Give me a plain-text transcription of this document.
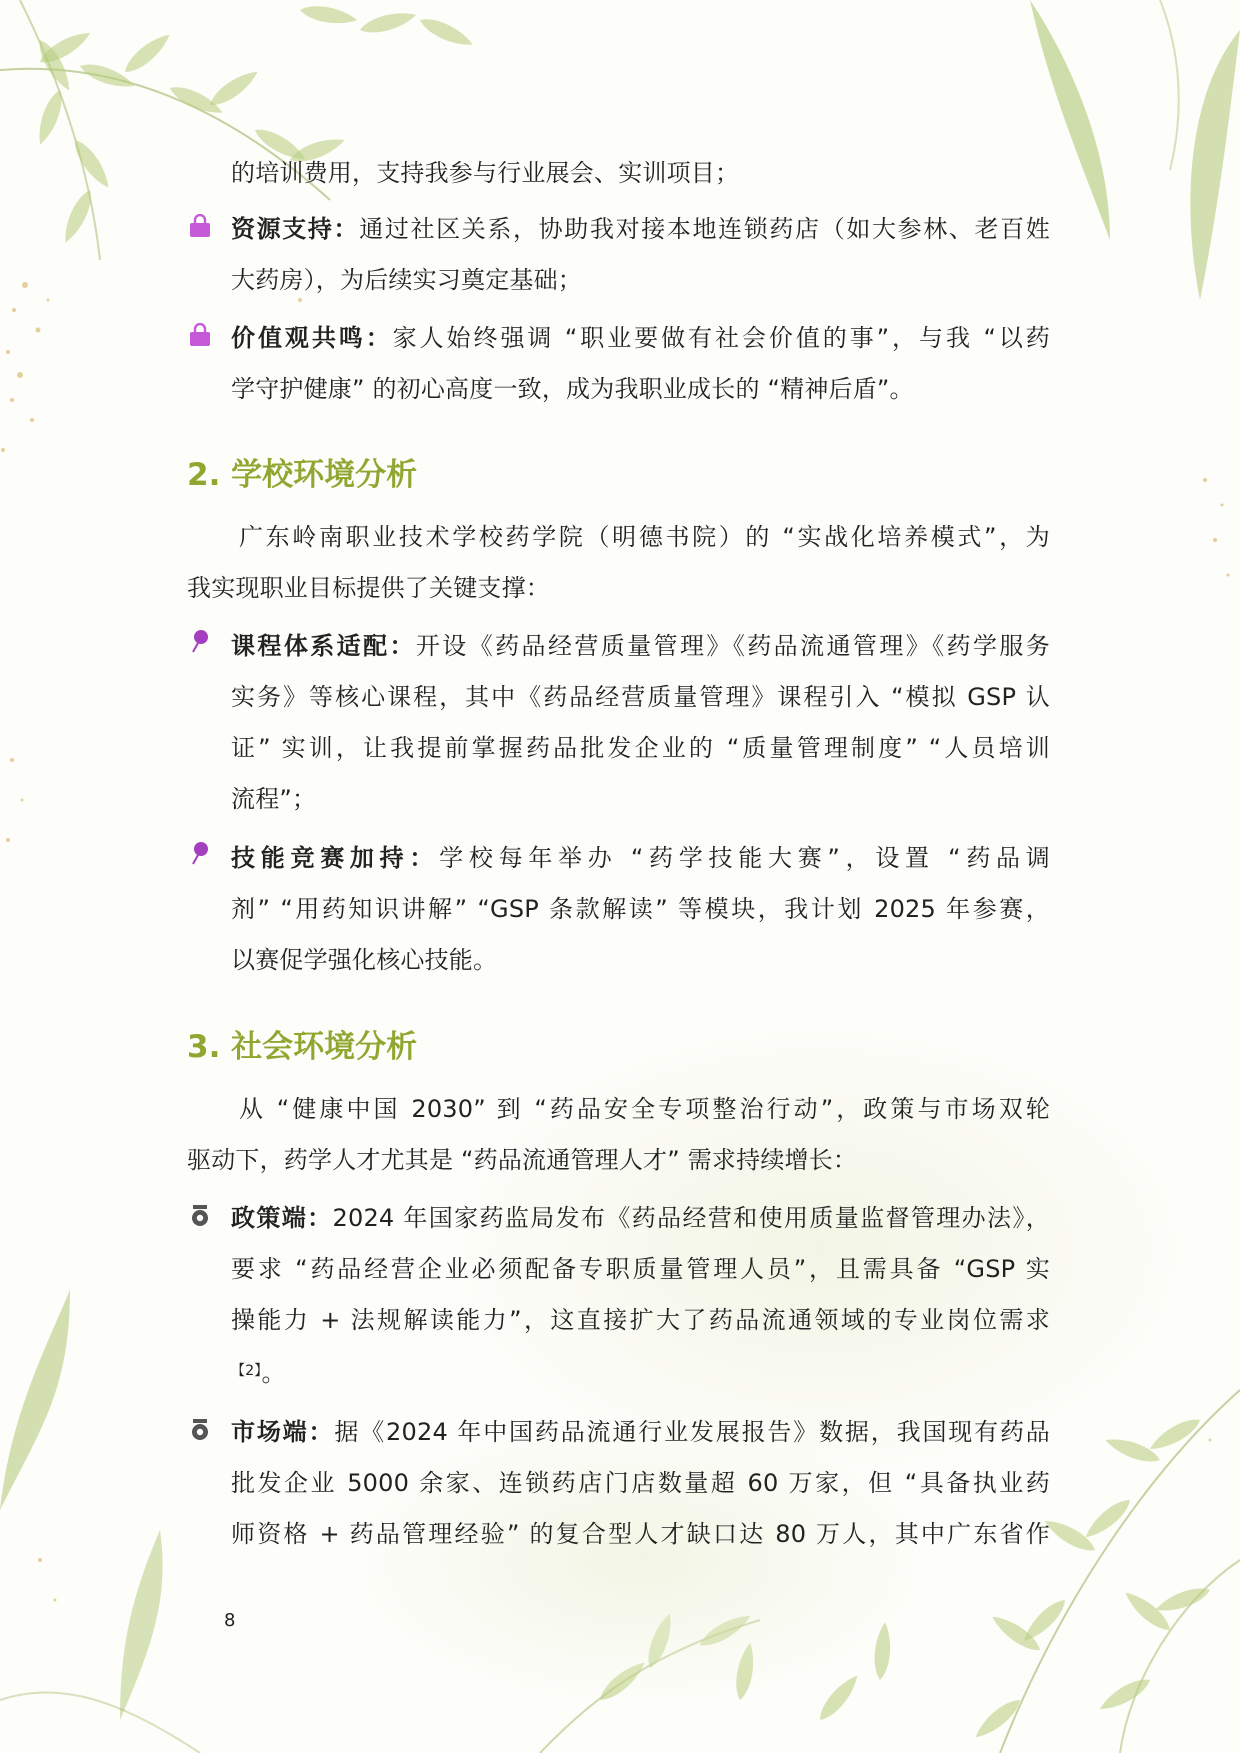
的培训费用，支持我参与行业展会、实训项目；

资源支持：通过社区关系，协助我对接本地连锁药店（如大参林、老百姓

大药房），为后续实习奠定基础；

价值观共鸣：家人始终强调 “职业要做有社会价值的事”，与我 “以药

学守护健康” 的初心高度一致，成为我职业成长的 “精神后盾”。

2. 学校环境分析

广东岭南职业技术学校药学院（明德书院）的 “实战化培养模式”，为

我实现职业目标提供了关键支撑：

课程体系适配：开设《药品经营质量管理》《药品流通管理》《药学服务

实务》等核心课程，其中《药品经营质量管理》课程引入 “模拟 GSP 认

证” 实训，让我提前掌握药品批发企业的 “质量管理制度” “人员培训

流程”；

技能竞赛加持：学校每年举办 “药学技能大赛”，设置 “药品调

剂” “用药知识讲解” “GSP 条款解读” 等模块，我计划 2025 年参赛，

以赛促学强化核心技能。

3. 社会环境分析

从 “健康中国 2030” 到 “药品安全专项整治行动”，政策与市场双轮

驱动下，药学人才尤其是 “药品流通管理人才” 需求持续增长：

政策端：2024 年国家药监局发布《药品经营和使用质量监督管理办法》，

要求 “药品经营企业必须配备专职质量管理人员”，且需具备 “GSP 实

操能力 + 法规解读能力”，这直接扩大了药品流通领域的专业岗位需求

$^{【2】}$。

市场端：据《2024 年中国药品流通行业发展报告》数据，我国现有药品

批发企业 5000 余家、连锁药店门店数量超 60 万家，但 “具备执业药

师资格 + 药品管理经验” 的复合型人才缺口达 80 万人，其中广东省作

8
